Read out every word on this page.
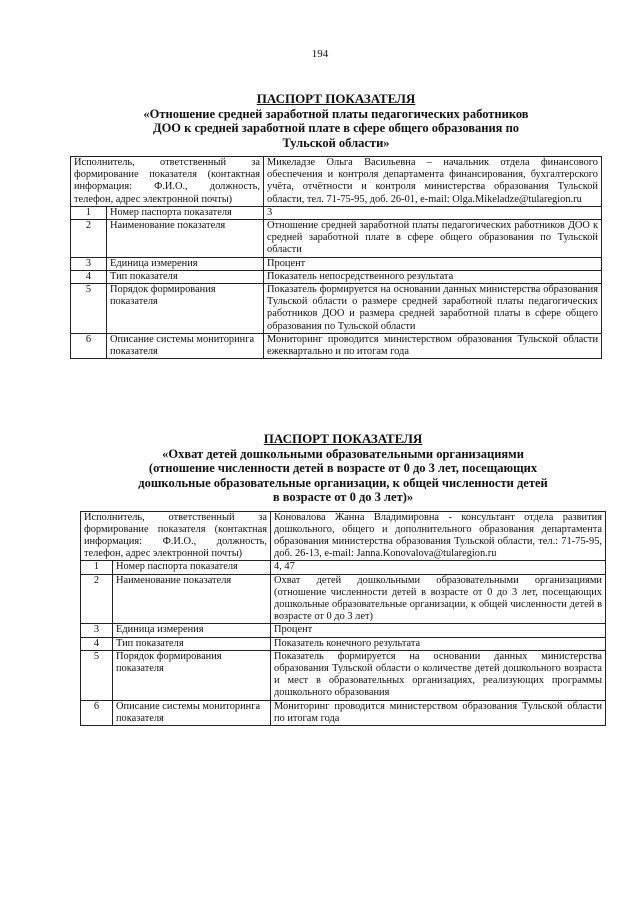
194
ПАСПОРТ ПОКАЗАТЕЛЯ
«Отношение средней заработной платы педагогических работников
ДОО к средней заработной плате в сфере общего образования по
Тульской области»
Исполнитель, ответственный за формирование показателя (контактная информация: Ф.И.О., должность, телефон, адрес электронной почты)		Микеладзе Ольга Васильевна – начальник отдела финансового обеспечения и контроля департамента финансирования, бухгалтерского учёта, отчётности и контроля министерства образования Тульской области, тел. 71-75-95, доб. 26-01, e-mail: Olga.Mikeladze@tularegion.ru
1	Номер паспорта показателя	3
2	Наименование показателя	Отношение средней заработной платы педагогических работников ДОО к средней заработной плате в сфере общего образования по Тульской области
3	Единица измерения	Процент
4	Тип показателя	Показатель непосредственного результата
5	Порядок формирования показателя	Показатель формируется на основании данных министерства образования Тульской области о размере средней заработной платы педагогических работников ДОО и размера средней заработной платы в сфере общего образования по Тульской области
6	Описание системы мониторинга показателя	Мониторинг проводится министерством образования Тульской области ежеквартально и по итогам года
ПАСПОРТ ПОКАЗАТЕЛЯ
«Охват детей дошкольными образовательными организациями
(отношение численности детей в возрасте от 0 до 3 лет, посещающих
дошкольные образовательные организации, к общей численности детей
в возрасте от 0 до 3 лет)»
Исполнитель, ответственный за формирование показателя (контактная информация: Ф.И.О., должность, телефон, адрес электронной почты)		Коновалова Жанна Владимировна - консультант отдела развития дошкольного, общего и дополнительного образования департамента образования министерства образования Тульской области, тел.: 71-75-95, доб. 26-13, e-mail: Janna.Konovalova@tularegion.ru
1	Номер паспорта показателя	4, 47
2	Наименование показателя	Охват детей дошкольными образовательными организациями (отношение численности детей в возрасте от 0 до 3 лет, посещающих дошкольные образовательные организации, к общей численности детей в возрасте от 0 до 3 лет)
3	Единица измерения	Процент
4	Тип показателя	Показатель конечного результата
5	Порядок формирования показателя	Показатель формируется на основании данных министерства образования Тульской области о количестве детей дошкольного возраста и мест в образовательных организациях, реализующих программы дошкольного образования
6	Описание системы мониторинга показателя	Мониторинг проводится министерством образования Тульской области по итогам года
